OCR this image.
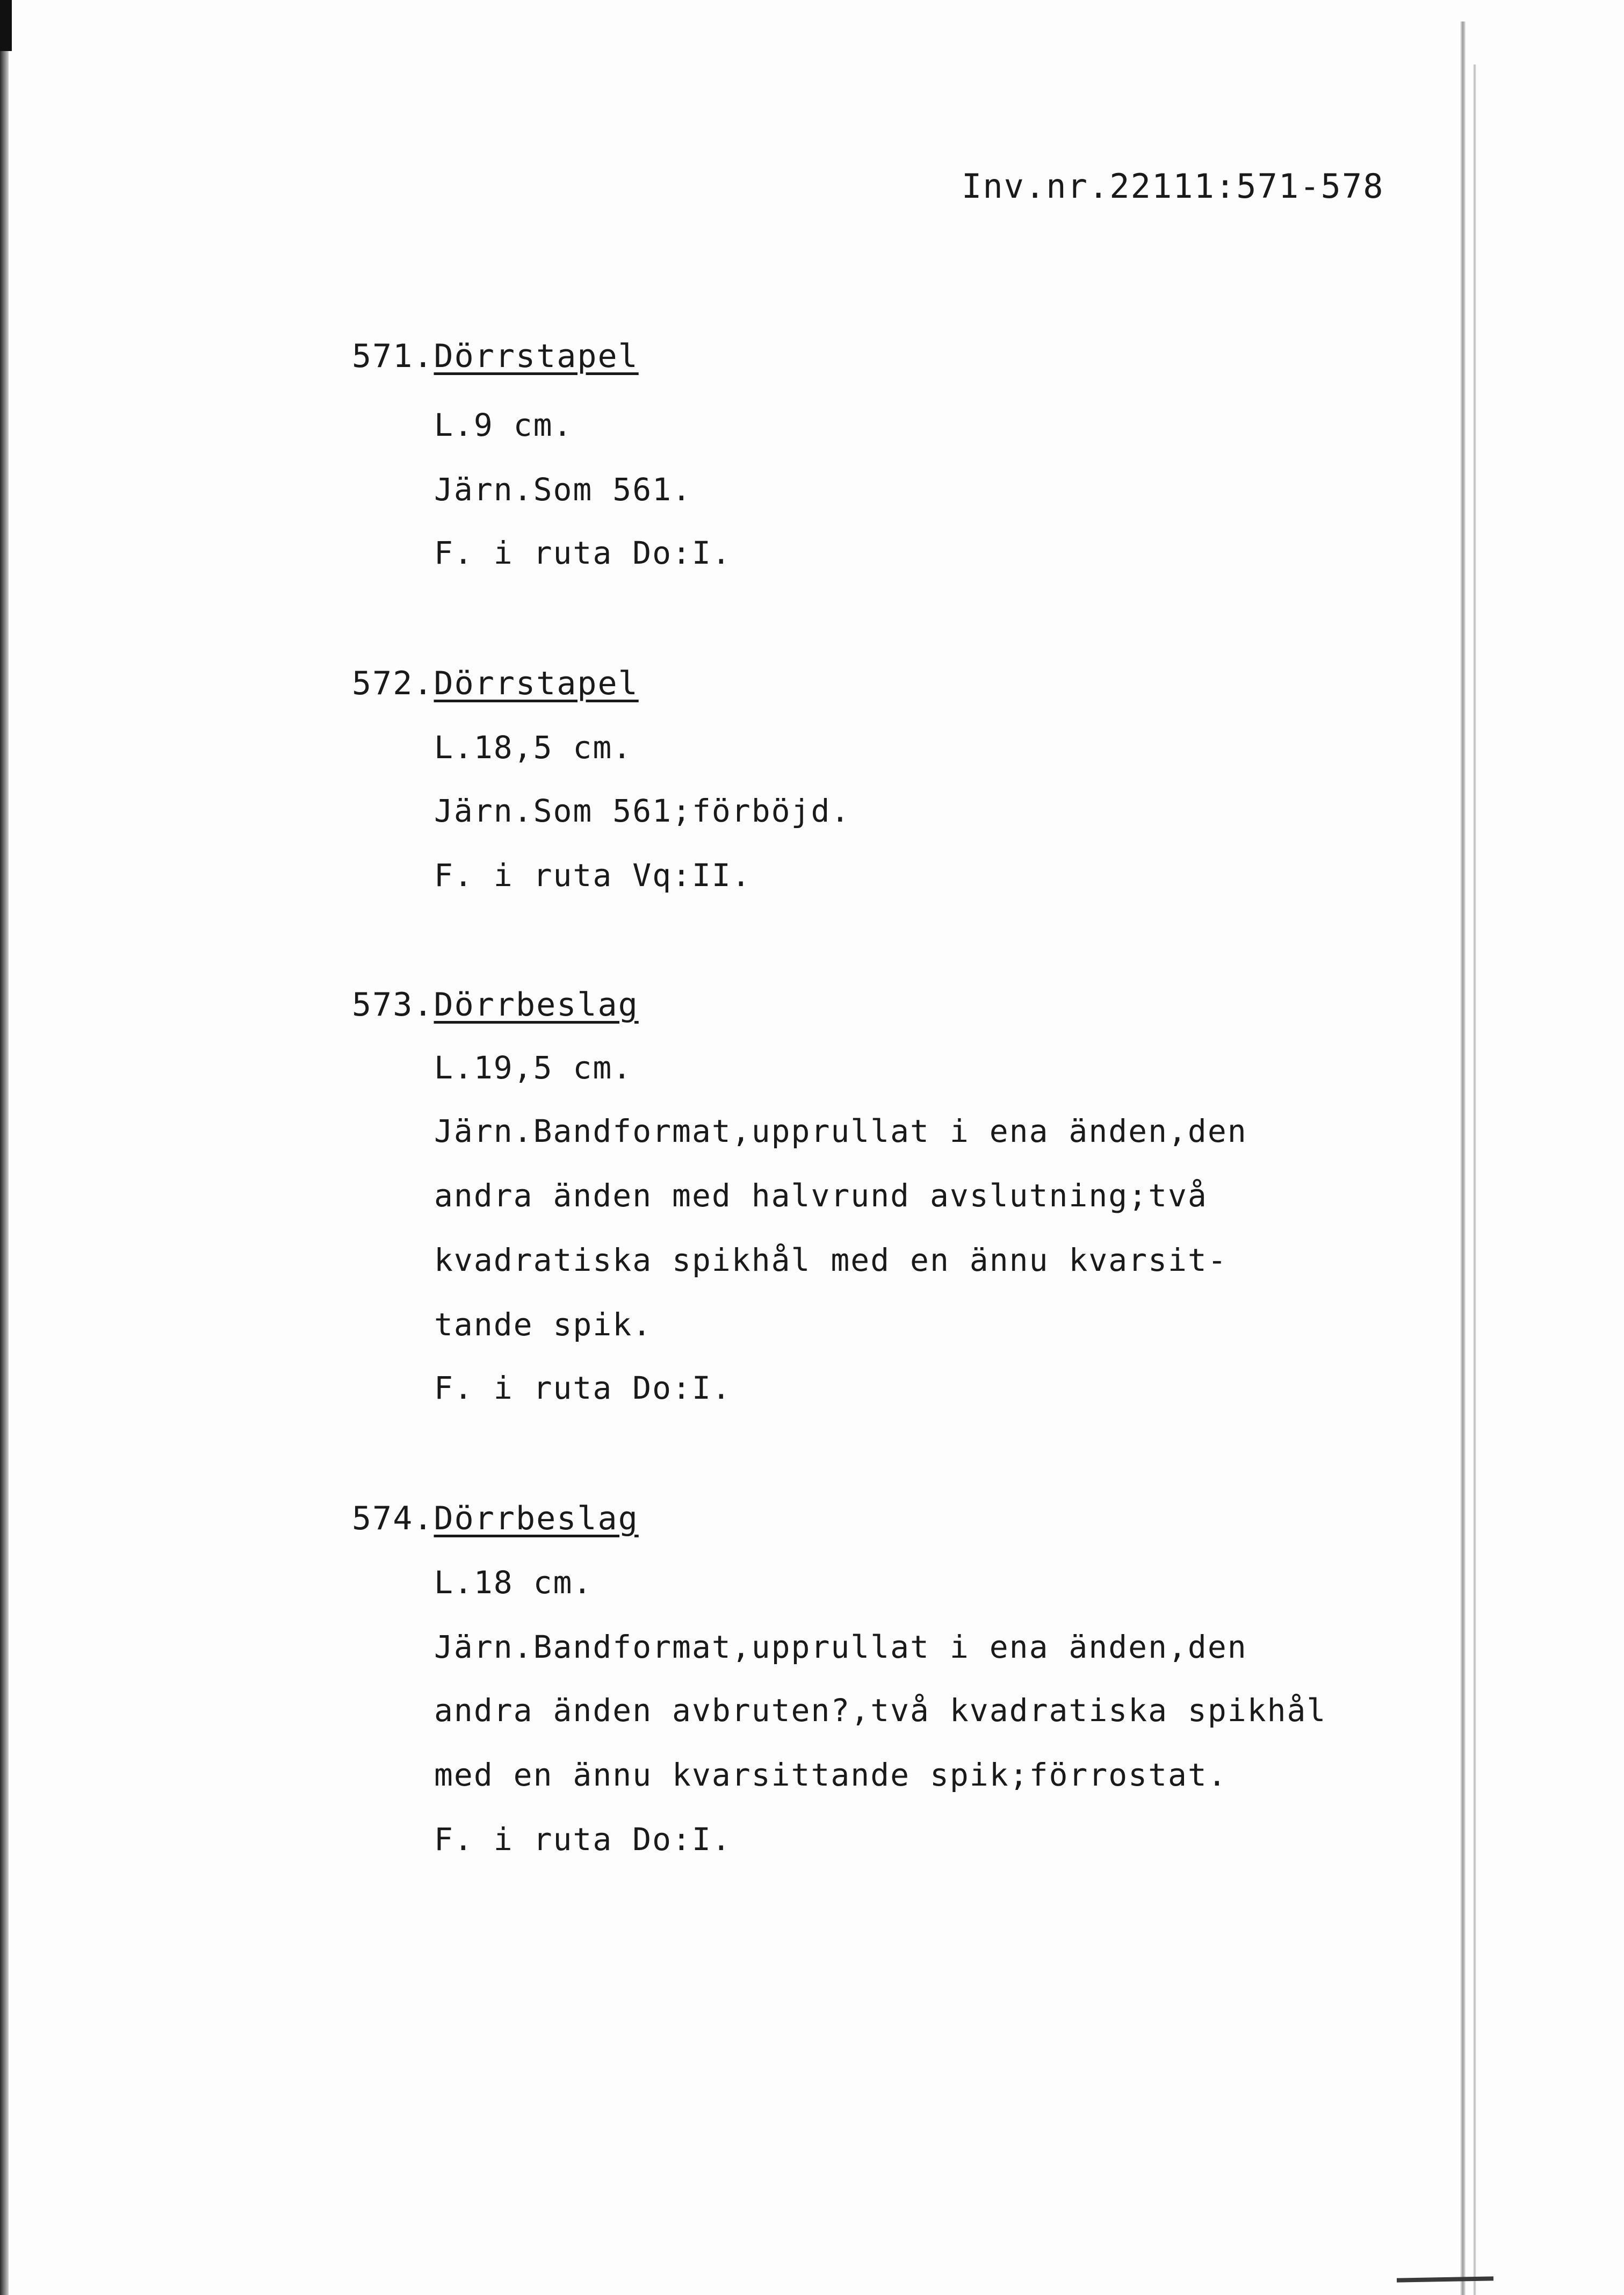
Inv.nr.22111:571-578
571.Dörrstapel
L.9 cm.
Järn.Som 561.
F. i ruta Do:I.
572.Dörrstapel
L.18,5 cm.
Järn.Som 561;förböjd.
F. i ruta Vq:II.
573.Dörrbeslag
L.19,5 cm.
Järn.Bandformat,upprullat i ena änden,den
andra änden med halvrund avslutning;två
kvadratiska spikhål med en ännu kvarsit-
tande spik.
F. i ruta Do:I.
574.Dörrbeslag
L.18 cm.
Järn.Bandformat,upprullat i ena änden,den
andra änden avbruten?,två kvadratiska spikhål
med en ännu kvarsittande spik;förrostat.
F. i ruta Do:I.
